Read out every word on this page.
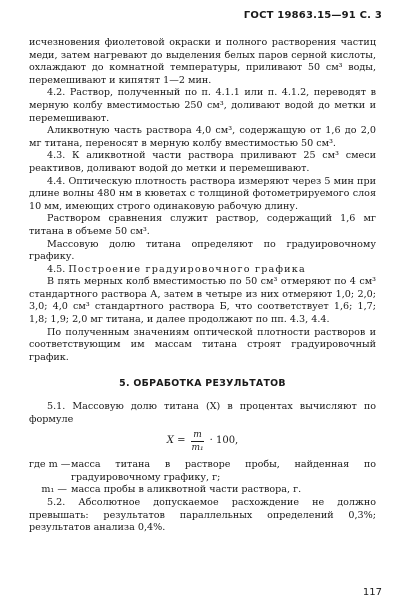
ГОСТ 19863.15—91 С. 3

исчезновения фиолетовой окраски и полного растворения частиц меди, затем нагревают до выделения белых паров серной кислоты, охлаждают до комнатной температуры, приливают 50 см³ воды, перемешивают и кипятят 1—2 мин.

4.2. Раствор, полученный по п. 4.1.1 или п. 4.1.2, переводят в мерную колбу вместимостью 250 см³, доливают водой до метки и перемешивают.

Аликвотную часть раствора 4,0 см³, содержащую от 1,6 до 2,0 мг титана, переносят в мерную колбу вместимостью 50 см³.

4.3. К аликвотной части раствора приливают 25 см³ смеси реактивов, доливают водой до метки и перемешивают.

4.4. Оптическую плотность раствора измеряют через 5 мин при длине волны 480 нм в кюветах с толщиной фотометрируемого слоя 10 мм, имеющих строго одинаковую рабочую длину.

Раствором сравнения служит раствор, содержащий 1,6 мг титана в объеме 50 см³.

Массовую долю титана определяют по градуировочному графику.

4.5. Построение градуировочного графика

В пять мерных колб вместимостью по 50 см³ отмеряют по 4 см³ стандартного раствора А, затем в четыре из них отмеряют 1,0; 2,0; 3,0; 4,0 см³ стандартного раствора Б, что соответствует 1,6; 1,7; 1,8; 1,9; 2,0 мг титана, и далее продолжают по пп. 4.3, 4.4.

По полученным значениям оптической плотности растворов и соответствующим им массам титана строят градуировочный график.

5. ОБРАБОТКА РЕЗУЛЬТАТОВ

5.1. Массовую долю титана (X) в процентах вычисляют по формуле

$X = \frac{m}{\text{m₁}} \cdot 100$,
где m — масса титана в растворе пробы, найденная по градуировочному графику, г;
m₁ — масса пробы в аликвотной части раствора, г.

5.2. Абсолютное допускаемое расхождение не должно превышать: результатов параллельных определений 0,3%; результатов анализа 0,4%.

117
